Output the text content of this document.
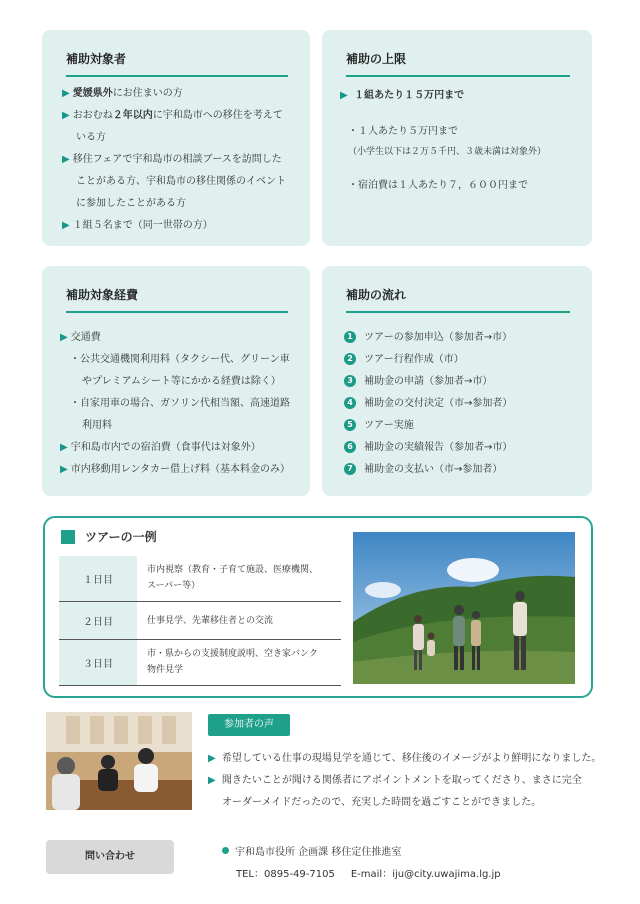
補助対象者
▶ 愛媛県外にお住まいの方
▶ おおむね２年以内に宇和島市への移住を考えて
いる方
▶ 移住フェアで宇和島市の相談ブースを訪問した
ことがある方、宇和島市の移住関係のイベント
に参加したことがある方
▶ １組５名まで（同一世帯の方）
補助の上限
▶ １組あたり１５万円まで
・１人あたり５万円まで
（小学生以下は２万５千円、３歳未満は対象外）
・宿泊費は１人あたり７，６００円まで
補助対象経費
▶ 交通費
・公共交通機関利用料（タクシー代、グリーン車
やプレミアムシート等にかかる経費は除く）
・自家用車の場合、ガソリン代相当額、高速道路
利用料
▶ 宇和島市内での宿泊費（食事代は対象外）
▶ 市内移動用レンタカー借上げ料（基本料金のみ）
補助の流れ
1 ツアーの参加申込（参加者→市）
2 ツアー行程作成（市）
3 補助金の申請（参加者→市）
4 補助金の交付決定（市→参加者）
5 ツアー実施
6 補助金の実績報告（参加者→市）
7 補助金の支払い（市→参加者）
ツアーの一例
１日目
市内視察（教育・子育て施設、医療機関、
スーパー等）
２日目	仕事見学、先輩移住者との交流
３日目
市・県からの支援制度説明、空き家バンク
物件見学
参加者の声
▶ 希望している仕事の現場見学を通じて、移住後のイメージがより鮮明になりました。
▶ 聞きたいことが聞ける関係者にアポイントメントを取ってくださり、まさに完全
オーダーメイドだったので、充実した時間を過ごすことができました。
問い合わせ	宇和島市役所 企画課 移住定住推進室
TEL：0895-49-7105 E-mail：iju@city.uwajima.lg.jp
